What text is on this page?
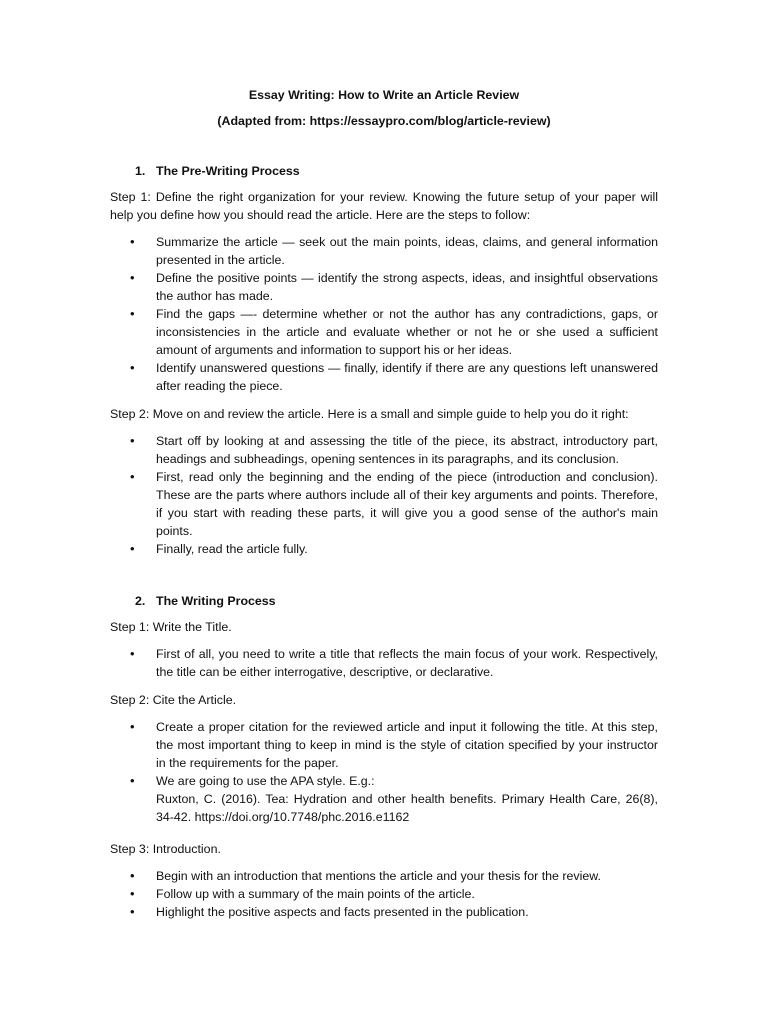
Essay Writing: How to Write an Article Review

(Adapted from: https://essaypro.com/blog/article-review)

1. The Pre-Writing Process

Step 1: Define the right organization for your review. Knowing the future setup of your paper will help you define how you should read the article. Here are the steps to follow:

• Summarize the article — seek out the main points, ideas, claims, and general information presented in the article.
• Define the positive points — identify the strong aspects, ideas, and insightful observations the author has made.
• Find the gaps —- determine whether or not the author has any contradictions, gaps, or inconsistencies in the article and evaluate whether or not he or she used a sufficient amount of arguments and information to support his or her ideas.
• Identify unanswered questions — finally, identify if there are any questions left unanswered after reading the piece.

Step 2: Move on and review the article. Here is a small and simple guide to help you do it right:

• Start off by looking at and assessing the title of the piece, its abstract, introductory part, headings and subheadings, opening sentences in its paragraphs, and its conclusion.
• First, read only the beginning and the ending of the piece (introduction and conclusion). These are the parts where authors include all of their key arguments and points. Therefore, if you start with reading these parts, it will give you a good sense of the author's main points.
• Finally, read the article fully.
2. The Writing Process

Step 1: Write the Title.

• First of all, you need to write a title that reflects the main focus of your work. Respectively, the title can be either interrogative, descriptive, or declarative.

Step 2: Cite the Article.

• Create a proper citation for the reviewed article and input it following the title. At this step, the most important thing to keep in mind is the style of citation specified by your instructor in the requirements for the paper.
• We are going to use the APA style. E.g.:
Ruxton, C. (2016). Tea: Hydration and other health benefits. Primary Health Care, 26(8), 34-42. https://doi.org/10.7748/phc.2016.e1162

Step 3: Introduction.

• Begin with an introduction that mentions the article and your thesis for the review.
• Follow up with a summary of the main points of the article.
• Highlight the positive aspects and facts presented in the publication.
